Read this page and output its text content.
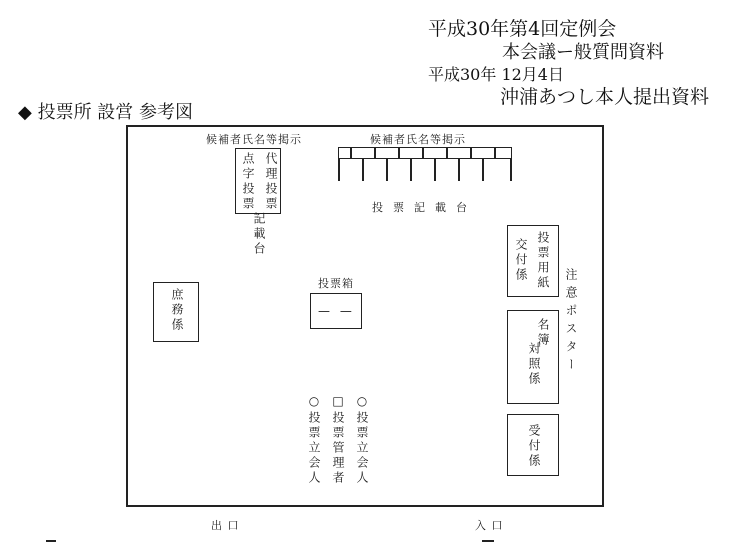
平成30年第4回定例会
本会議ー般質問資料
平成30年 12月4日
沖浦あつし本人提出資料
◆ 投票所 設営 参考図
候補者氏名等掲示	候補者氏名等掲示
投票記載台
点字投票 代理投票
記載台
投票箱
— —
庶務係
投票用紙
交付係
注意ポスター
名簿
対照係
受付係
○投票立会人 □投票管理者 ○投票立会人
出 口	入 口
